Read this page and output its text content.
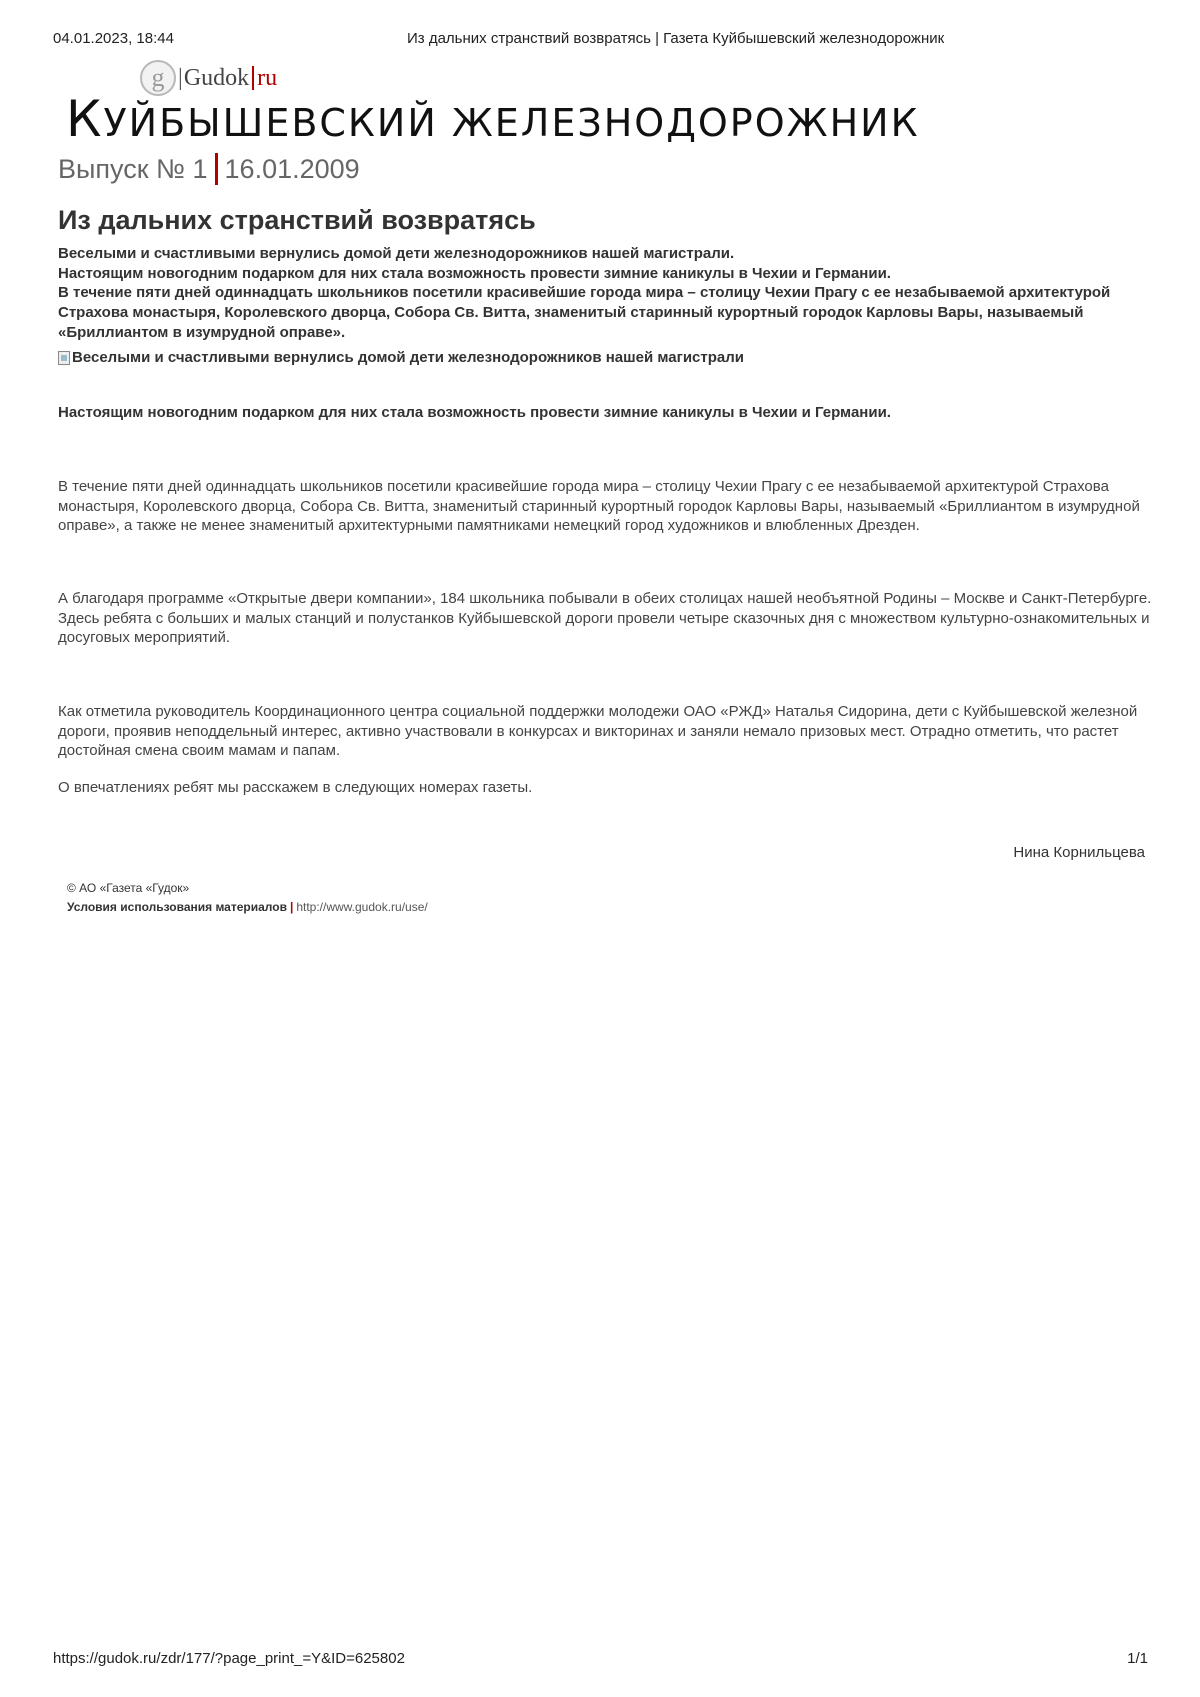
04.01.2023, 18:44	Из дальних странствий возвратясь | Газета Куйбышевский железнодорожник
g | Gudok ru
КУЙБЫШЕВСКИЙ ЖЕЛЕЗНОДОРОЖНИК
Выпуск № 1 16.01.2009
Из дальних странствий возвратясь

Веселыми и счастливыми вернулись домой дети железнодорожников нашей магистрали.

Настоящим новогодним подарком для них стала возможность провести зимние каникулы в Чехии и Германии.

В течение пяти дней одиннадцать школьников посетили красивейшие города мира – столицу Чехии Прагу с ее незабываемой архитектурой Страхова монастыря, Королевского дворца, Собора Св. Витта, знаменитый старинный курортный городок Карловы Вары, называемый «Бриллиантом в изумрудной оправе».

Веселыми и счастливыми вернулись домой дети железнодорожников нашей магистрали
Настоящим новогодним подарком для них стала возможность провести зимние каникулы в Чехии и Германии.

В течение пяти дней одиннадцать школьников посетили красивейшие города мира – столицу Чехии Прагу с ее незабываемой архитектурой Страхова монастыря, Королевского дворца, Собора Св. Витта, знаменитый старинный курортный городок Карловы Вары, называемый «Бриллиантом в изумрудной оправе», а также не менее знаменитый архитектурными памятниками немецкий город художников и влюбленных Дрезден.

А благодаря программе «Открытые двери компании», 184 школьника побывали в обеих столицах нашей необъятной Родины – Москве и Санкт-Петербурге. Здесь ребята с больших и малых станций и полустанков Куйбышевской дороги провели четыре сказочных дня с множеством культурно-ознакомительных и досуговых мероприятий.

Как отметила руководитель Координационного центра социальной поддержки молодежи ОАО «РЖД» Наталья Сидорина, дети с Куйбышевской железной дороги, проявив неподдельный интерес, активно участвовали в конкурсах и викторинах и заняли немало призовых мест. Отрадно отметить, что растет достойная смена своим мамам и папам.

О впечатлениях ребят мы расскажем в следующих номерах газеты.

Нина Корнильцева
© АО «Газета «Гудок»
Условия использования материалов | http://www.gudok.ru/use/
https://gudok.ru/zdr/177/?page_print_=Y&ID=625802	1/1
